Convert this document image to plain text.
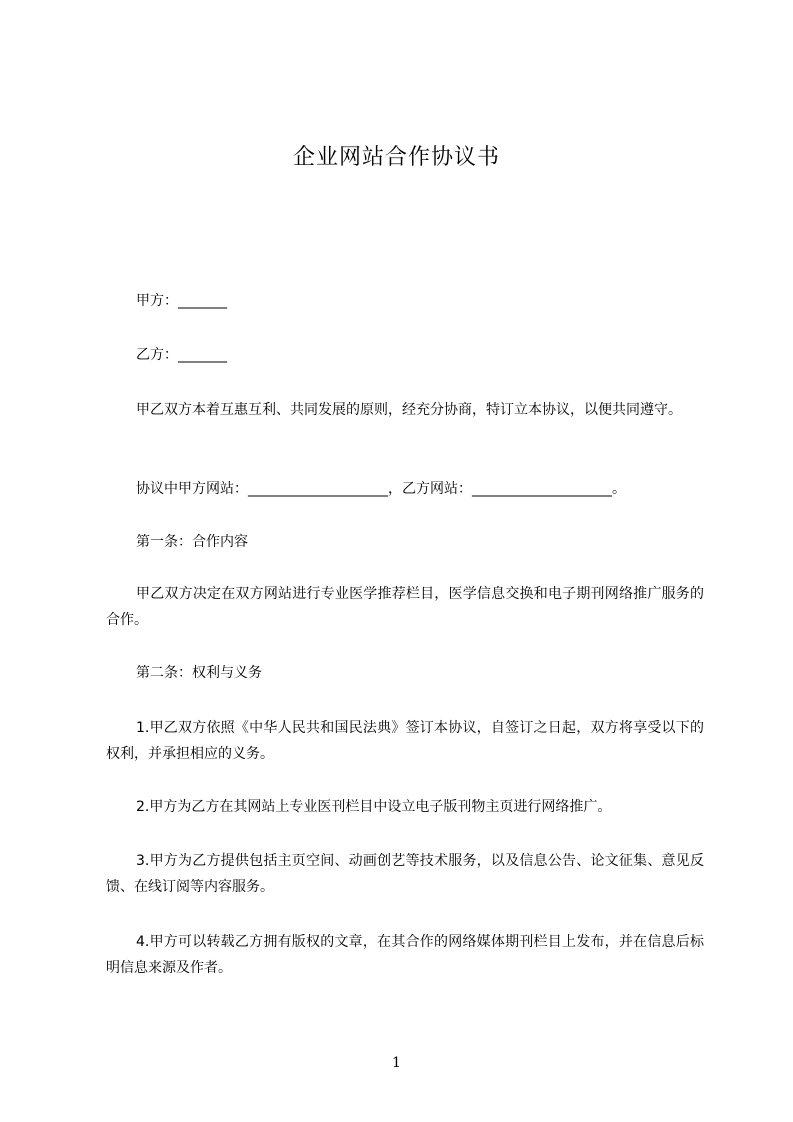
企业网站合作协议书
甲方：_______
乙方：_______
甲乙双方本着互惠互利、共同发展的原则，经充分协商，特订立本协议，以便共同遵守。
协议中甲方网站：____________________，乙方网站：____________________。
第一条：合作内容
甲乙双方决定在双方网站进行专业医学推荐栏目，医学信息交换和电子期刊网络推广服务的合作。
第二条：权利与义务
1.甲乙双方依照《中华人民共和国民法典》签订本协议，自签订之日起，双方将享受以下的权利，并承担相应的义务。
2.甲方为乙方在其网站上专业医刊栏目中设立电子版刊物主页进行网络推广。
3.甲方为乙方提供包括主页空间、动画创艺等技术服务，以及信息公告、论文征集、意见反馈、在线订阅等内容服务。
4.甲方可以转载乙方拥有版权的文章，在其合作的网络媒体期刊栏目上发布，并在信息后标明信息来源及作者。
1
